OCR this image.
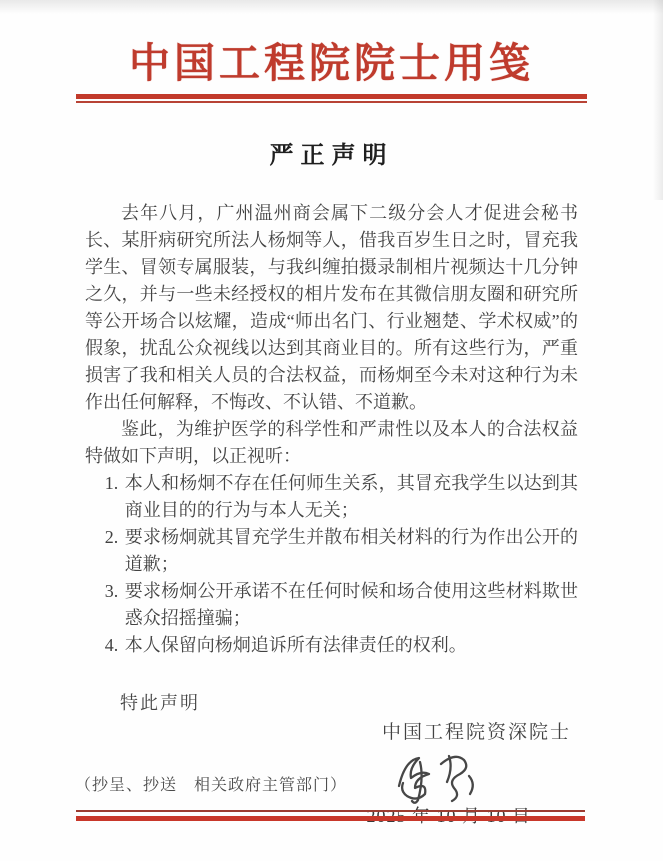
中国工程院院士用笺
严正声明

去年八月，广州温州商会属下二级分会人才促进会秘书长、某肝病研究所法人杨炯等人，借我百岁生日之时，冒充我学生、冒领专属服装，与我纠缠拍摄录制相片视频达十几分钟之久，并与一些未经授权的相片发布在其微信朋友圈和研究所等公开场合以炫耀，造成“师出名门、行业翘楚、学术权威”的假象，扰乱公众视线以达到其商业目的。所有这些行为，严重损害了我和相关人员的合法权益，而杨炯至今未对这种行为未作出任何解释，不悔改、不认错、不道歉。

鉴此，为维护医学的科学性和严肃性以及本人的合法权益特做如下声明，以正视听：

1. 本人和杨炯不存在任何师生关系，其冒充我学生以达到其商业目的的行为与本人无关；
2. 要求杨炯就其冒充学生并散布相关材料的行为作出公开的道歉；
3. 要求杨炯公开承诺不在任何时候和场合使用这些材料欺世惑众招摇撞骗；
4. 本人保留向杨炯追诉所有法律责任的权利。
特此声明
中国工程院资深院士
2025 年 10 月 10 日
（抄呈、抄送　相关政府主管部门）
